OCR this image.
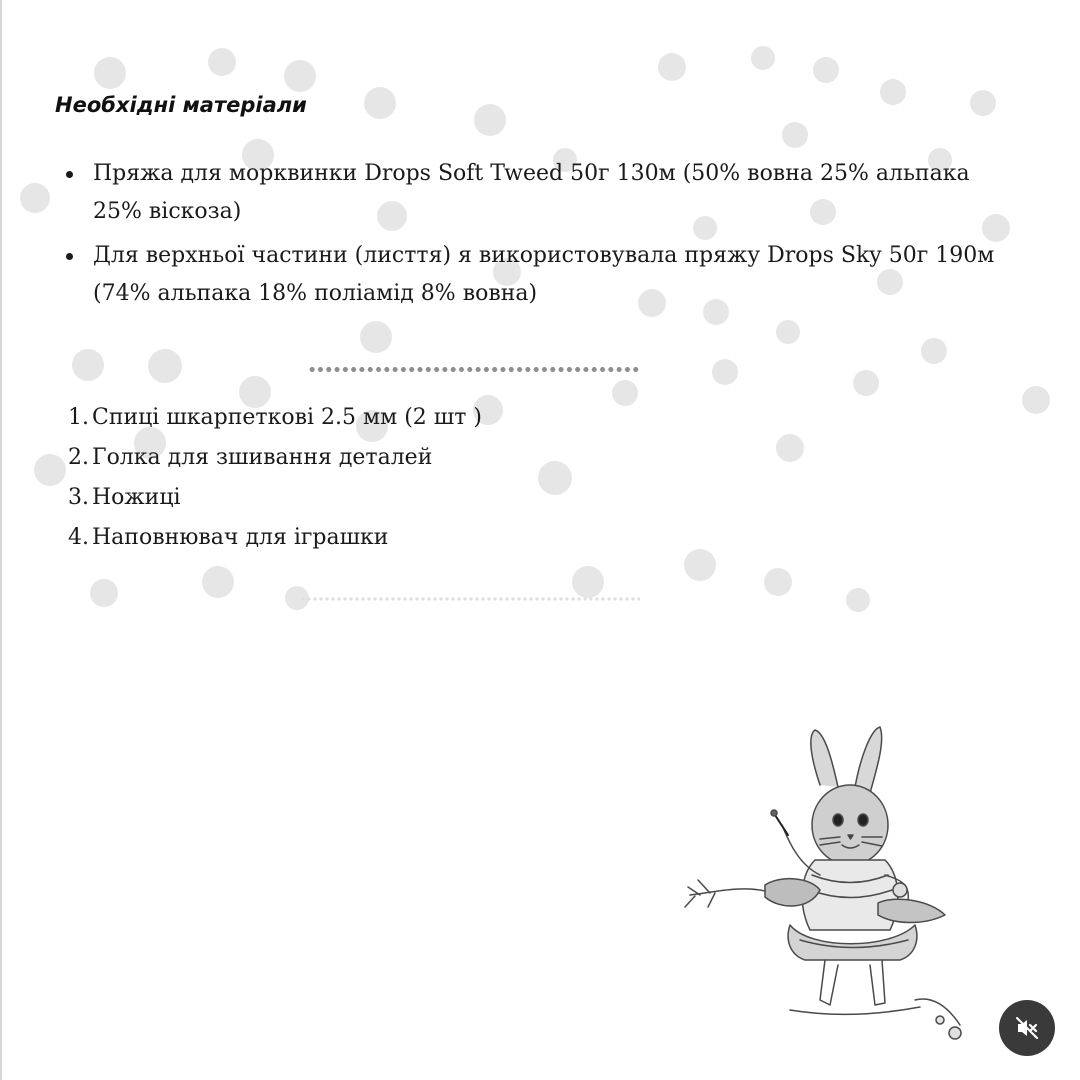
Необхідні матеріали
Пряжа для морквинки Drops Soft Tweed 50г 130м (50% вовна 25% альпака 25% віскоза)
Для верхньої частини (лисття) я використовувала пряжу Drops Sky 50г 190м (74% альпака 18% поліамід 8% вовна)
1. Спиці шкарпеткові 2.5 мм (2 шт )
2. Голка для зшивання деталей
3. Ножиці
4. Наповнювач для іграшки
